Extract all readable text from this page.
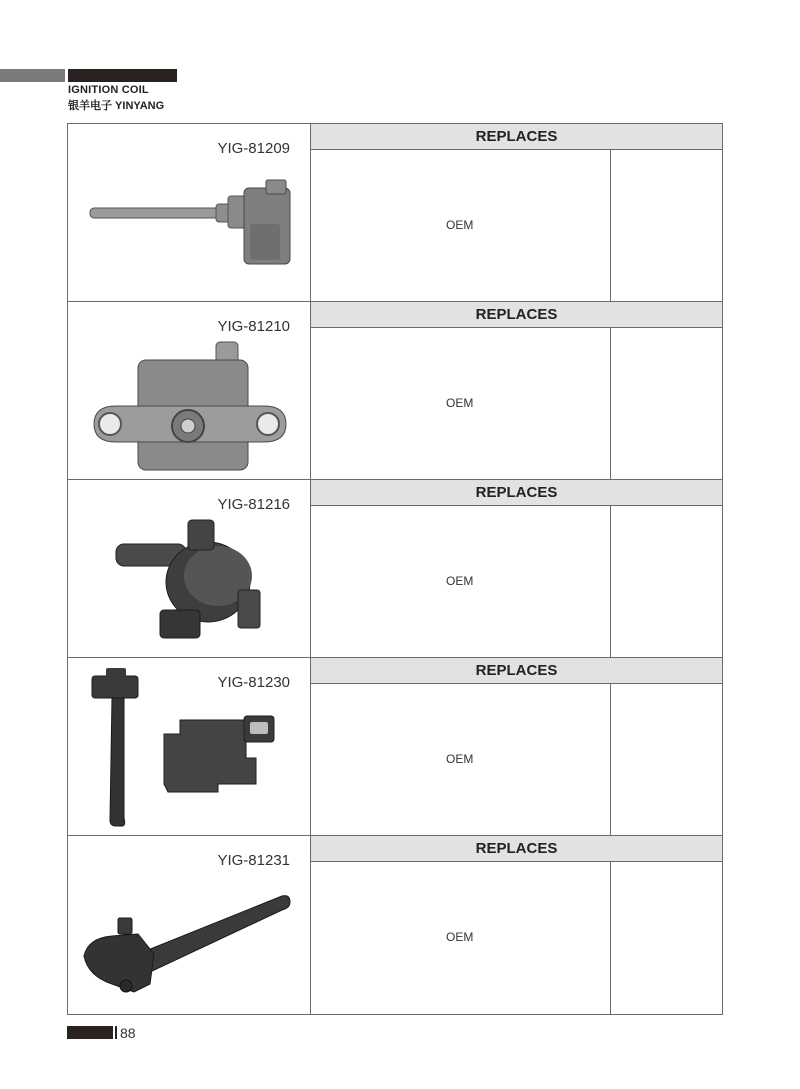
IGNITION COIL
银羊电子 YINYANG
YIG-81209
REPLACES
OEM
YIG-81210
REPLACES
OEM
YIG-81216
REPLACES
OEM
YIG-81230
REPLACES
OEM
YIG-81231
REPLACES
OEM
88
